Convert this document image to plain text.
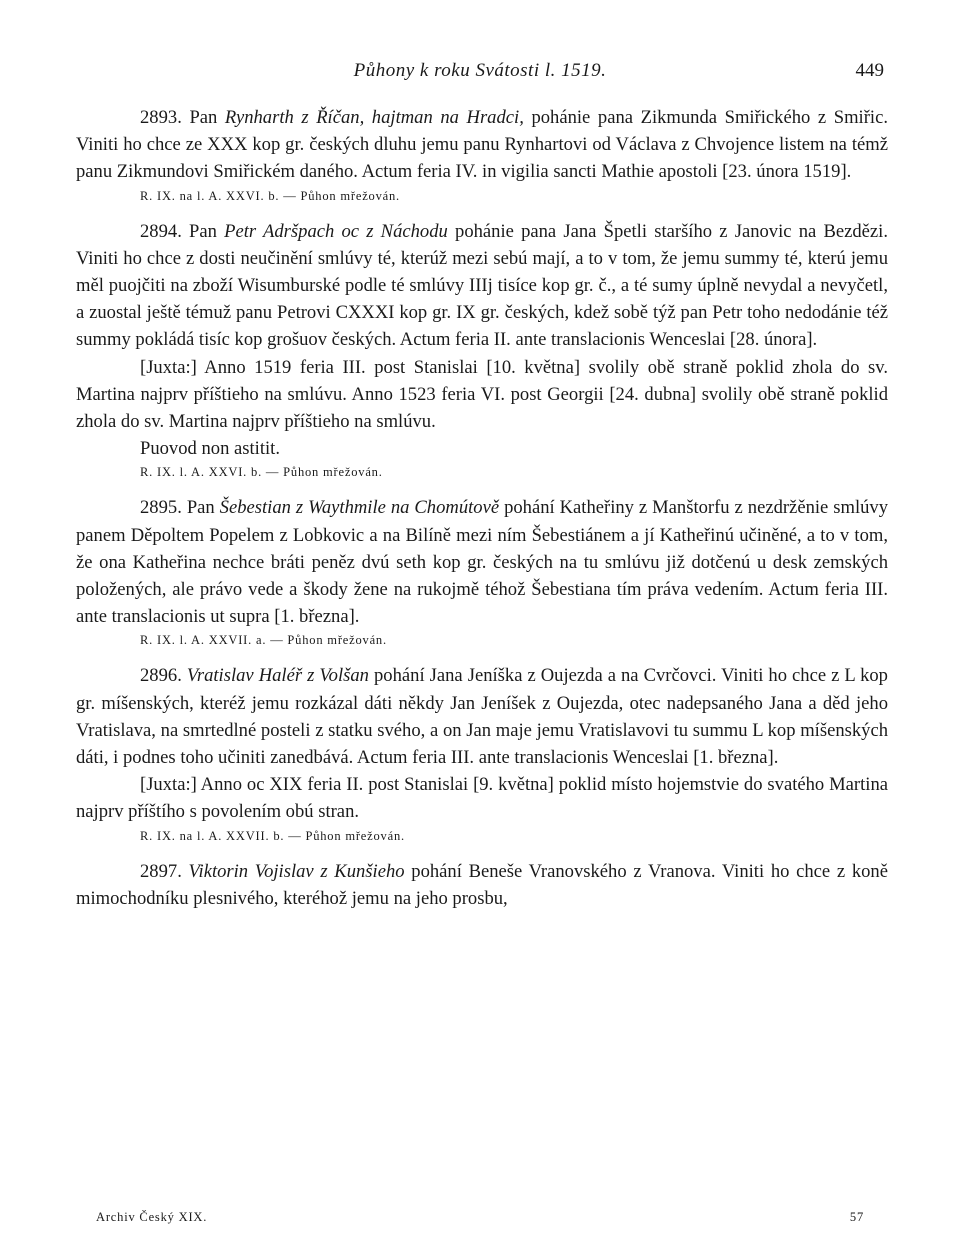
Půhony k roku Svátosti l. 1519.	449

2893. Pan Rynharth z Říčan, hajtman na Hradci, pohánie pana Zikmunda Smiřického z Smiřic. Viniti ho chce ze XXX kop gr. českých dluhu jemu panu Rynhartovi od Václava z Chvojence listem na témž panu Zikmundovi Smiřickém daného. Actum feria IV. in vigilia sancti Mathie apostoli [23. února 1519].

R. IX. na l. A. XXVI. b. — Půhon mřežován.

2894. Pan Petr Adršpach oc z Náchodu pohánie pana Jana Špetli staršího z Janovic na Bezdězi. Viniti ho chce z dosti neučinění smlúvy té, kterúž mezi sebú mají, a to v tom, že jemu summy té, kterú jemu měl puojčiti na zboží Wisumburské podle té smlúvy IIIj tisíce kop gr. č., a té sumy úplně nevydal a nevyčetl, a zuostal ještě témuž panu Petrovi CXXXI kop gr. IX gr. českých, kdež sobě týž pan Petr toho nedodánie též summy pokládá tisíc kop grošuov českých. Actum feria II. ante translacionis Wenceslai [28. února].

[Juxta:] Anno 1519 feria III. post Stanislai [10. května] svolily obě straně poklid zhola do sv. Martina najprv příštieho na smlúvu. Anno 1523 feria VI. post Georgii [24. dubna] svolily obě straně poklid zhola do sv. Martina najprv příštieho na smlúvu.

Puovod non astitit.

R. IX. l. A. XXVI. b. — Půhon mřežován.

2895. Pan Šebestian z Waythmile na Chomútově pohání Katheřiny z Manštorfu z nezdržěnie smlúvy panem Děpoltem Popelem z Lobkovic a na Bilíně mezi ním Šebestiánem a jí Katheřinú učiněné, a to v tom, že ona Katheřina nechce bráti peněz dvú seth kop gr. českých na tu smlúvu již dotčenú u desk zemských položených, ale právo vede a škody žene na rukojmě téhož Šebestiana tím práva vedením. Actum feria III. ante translacionis ut supra [1. března].

R. IX. l. A. XXVII. a. — Půhon mřežován.

2896. Vratislav Haléř z Volšan pohání Jana Jeníška z Oujezda a na Cvrčovci. Viniti ho chce z L kop gr. míšenských, kteréž jemu rozkázal dáti někdy Jan Jeníšek z Oujezda, otec nadepsaného Jana a děd jeho Vratislava, na smrtedlné posteli z statku svého, a on Jan maje jemu Vratislavovi tu summu L kop míšenských dáti, i podnes toho učiniti zanedbává. Actum feria III. ante translacionis Wenceslai [1. března].

[Juxta:] Anno oc XIX feria II. post Stanislai [9. května] poklid místo hojemstvie do svatého Martina najprv příštího s povolením obú stran.

R. IX. na l. A. XXVII. b. — Půhon mřežován.

2897. Viktorin Vojislav z Kunšieho pohání Beneše Vranovského z Vranova. Viniti ho chce z koně mimochodníku plesnivého, kteréhož jemu na jeho prosbu,

Archiv Český XIX.	57
